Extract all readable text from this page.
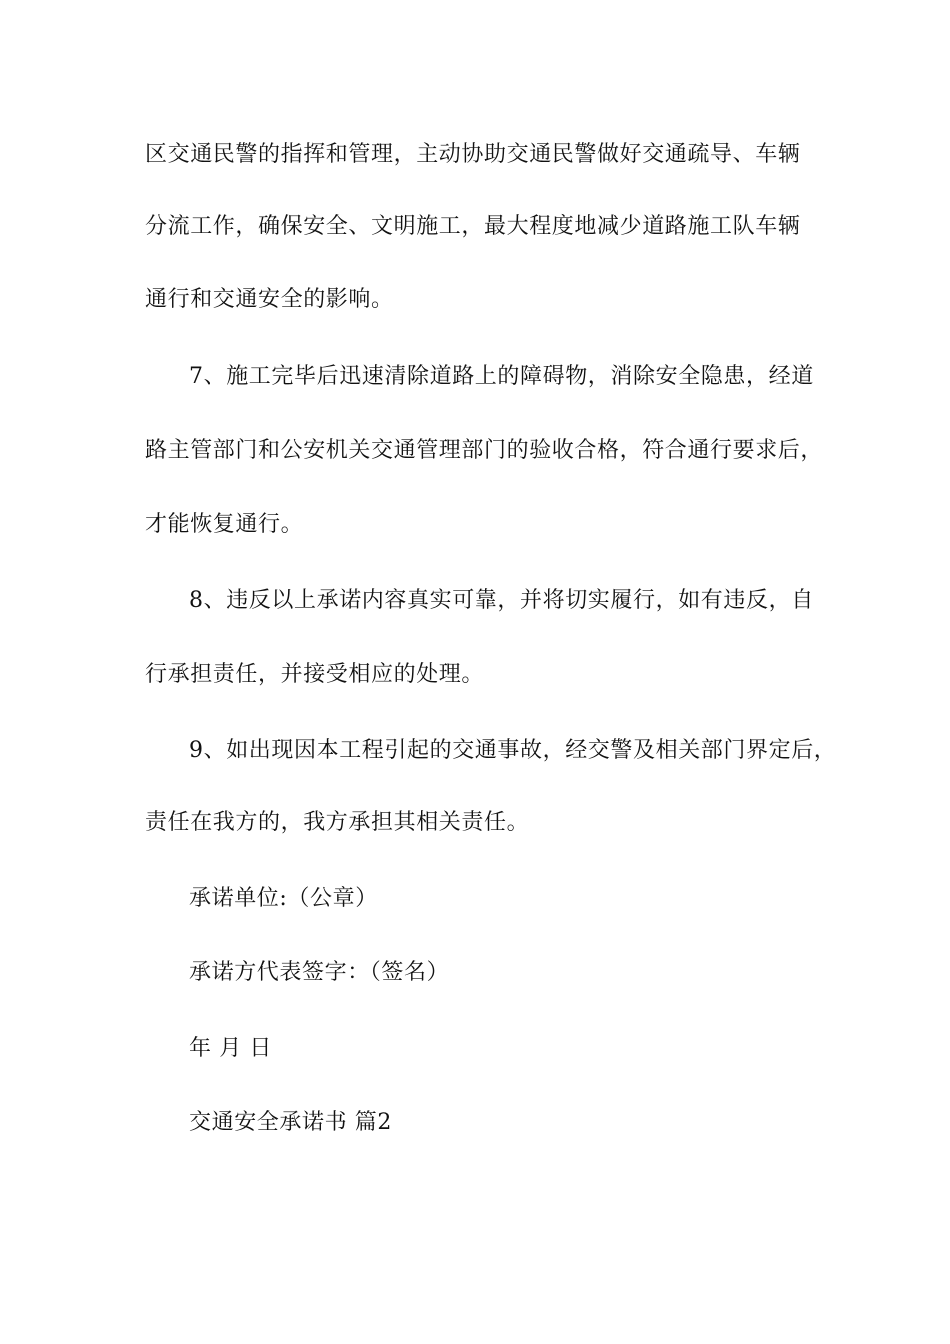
区交通民警的指挥和管理，主动协助交通民警做好交通疏导、车辆
分流工作，确保安全、文明施工，最大程度地减少道路施工队车辆
通行和交通安全的影响。
7、施工完毕后迅速清除道路上的障碍物，消除安全隐患，经道
路主管部门和公安机关交通管理部门的验收合格，符合通行要求后，
才能恢复通行。
8、违反以上承诺内容真实可靠，并将切实履行，如有违反，自
行承担责任，并接受相应的处理。
9、如出现因本工程引起的交通事故，经交警及相关部门界定后，
责任在我方的，我方承担其相关责任。
承诺单位:（公章）
承诺方代表签字：（签名）
年 月 日
交通安全承诺书 篇2
